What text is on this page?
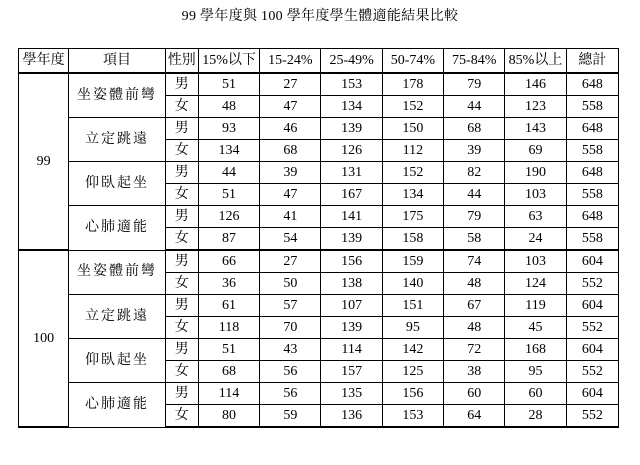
99 學年度與 100 學年度學生體適能結果比較
學年度	項目	性別	15%以下	15-24%	25-49%	50-74%	75-84%	85%以上	總計
99	坐姿體前彎	男	51	27	153	178	79	146	648
		女	48	47	134	152	44	123	558
	立定跳遠	男	93	46	139	150	68	143	648
		女	134	68	126	112	39	69	558
	仰臥起坐	男	44	39	131	152	82	190	648
		女	51	47	167	134	44	103	558
	心肺適能	男	126	41	141	175	79	63	648
		女	87	54	139	158	58	24	558
100	坐姿體前彎	男	66	27	156	159	74	103	604
		女	36	50	138	140	48	124	552
	立定跳遠	男	61	57	107	151	67	119	604
		女	118	70	139	95	48	45	552
	仰臥起坐	男	51	43	114	142	72	168	604
		女	68	56	157	125	38	95	552
	心肺適能	男	114	56	135	156	60	60	604
		女	80	59	136	153	64	28	552
